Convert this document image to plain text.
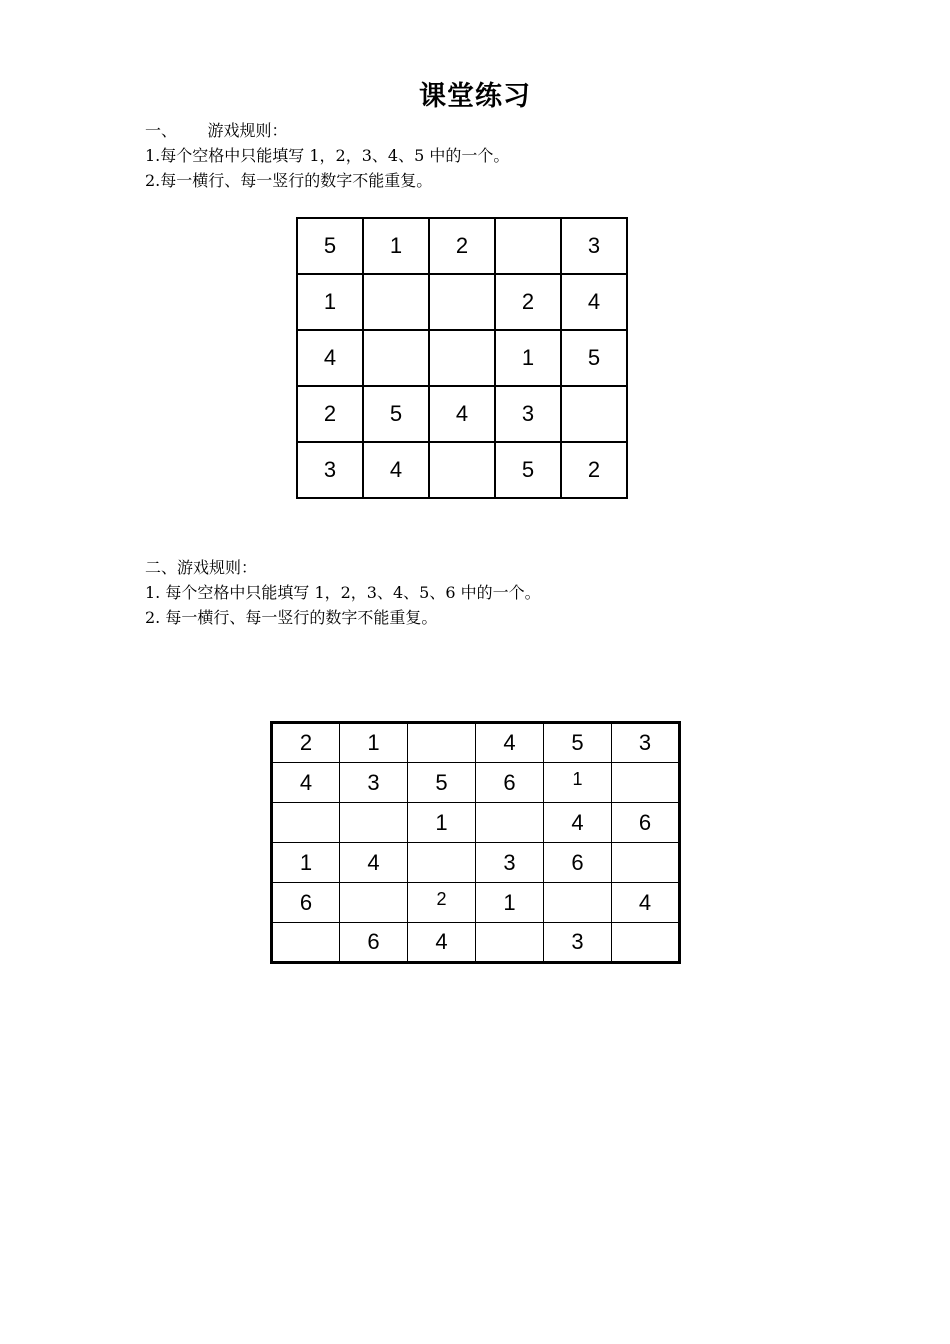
课堂练习
一、      游戏规则：
1.每个空格中只能填写 1，2，3、4、5 中的一个。
2.每一横行、每一竖行的数字不能重复。
5	1	2		3
1			2	4
4			1	5
2	5	4	3	
3	4		5	2
二、游戏规则：
1. 每个空格中只能填写 1，2，3、4、5、6 中的一个。
2. 每一横行、每一竖行的数字不能重复。
2	1		4	5	3
4	3	5	6	1	
		1		4	6
1	4		3	6	
6		2	1		4
	6	4		3	
